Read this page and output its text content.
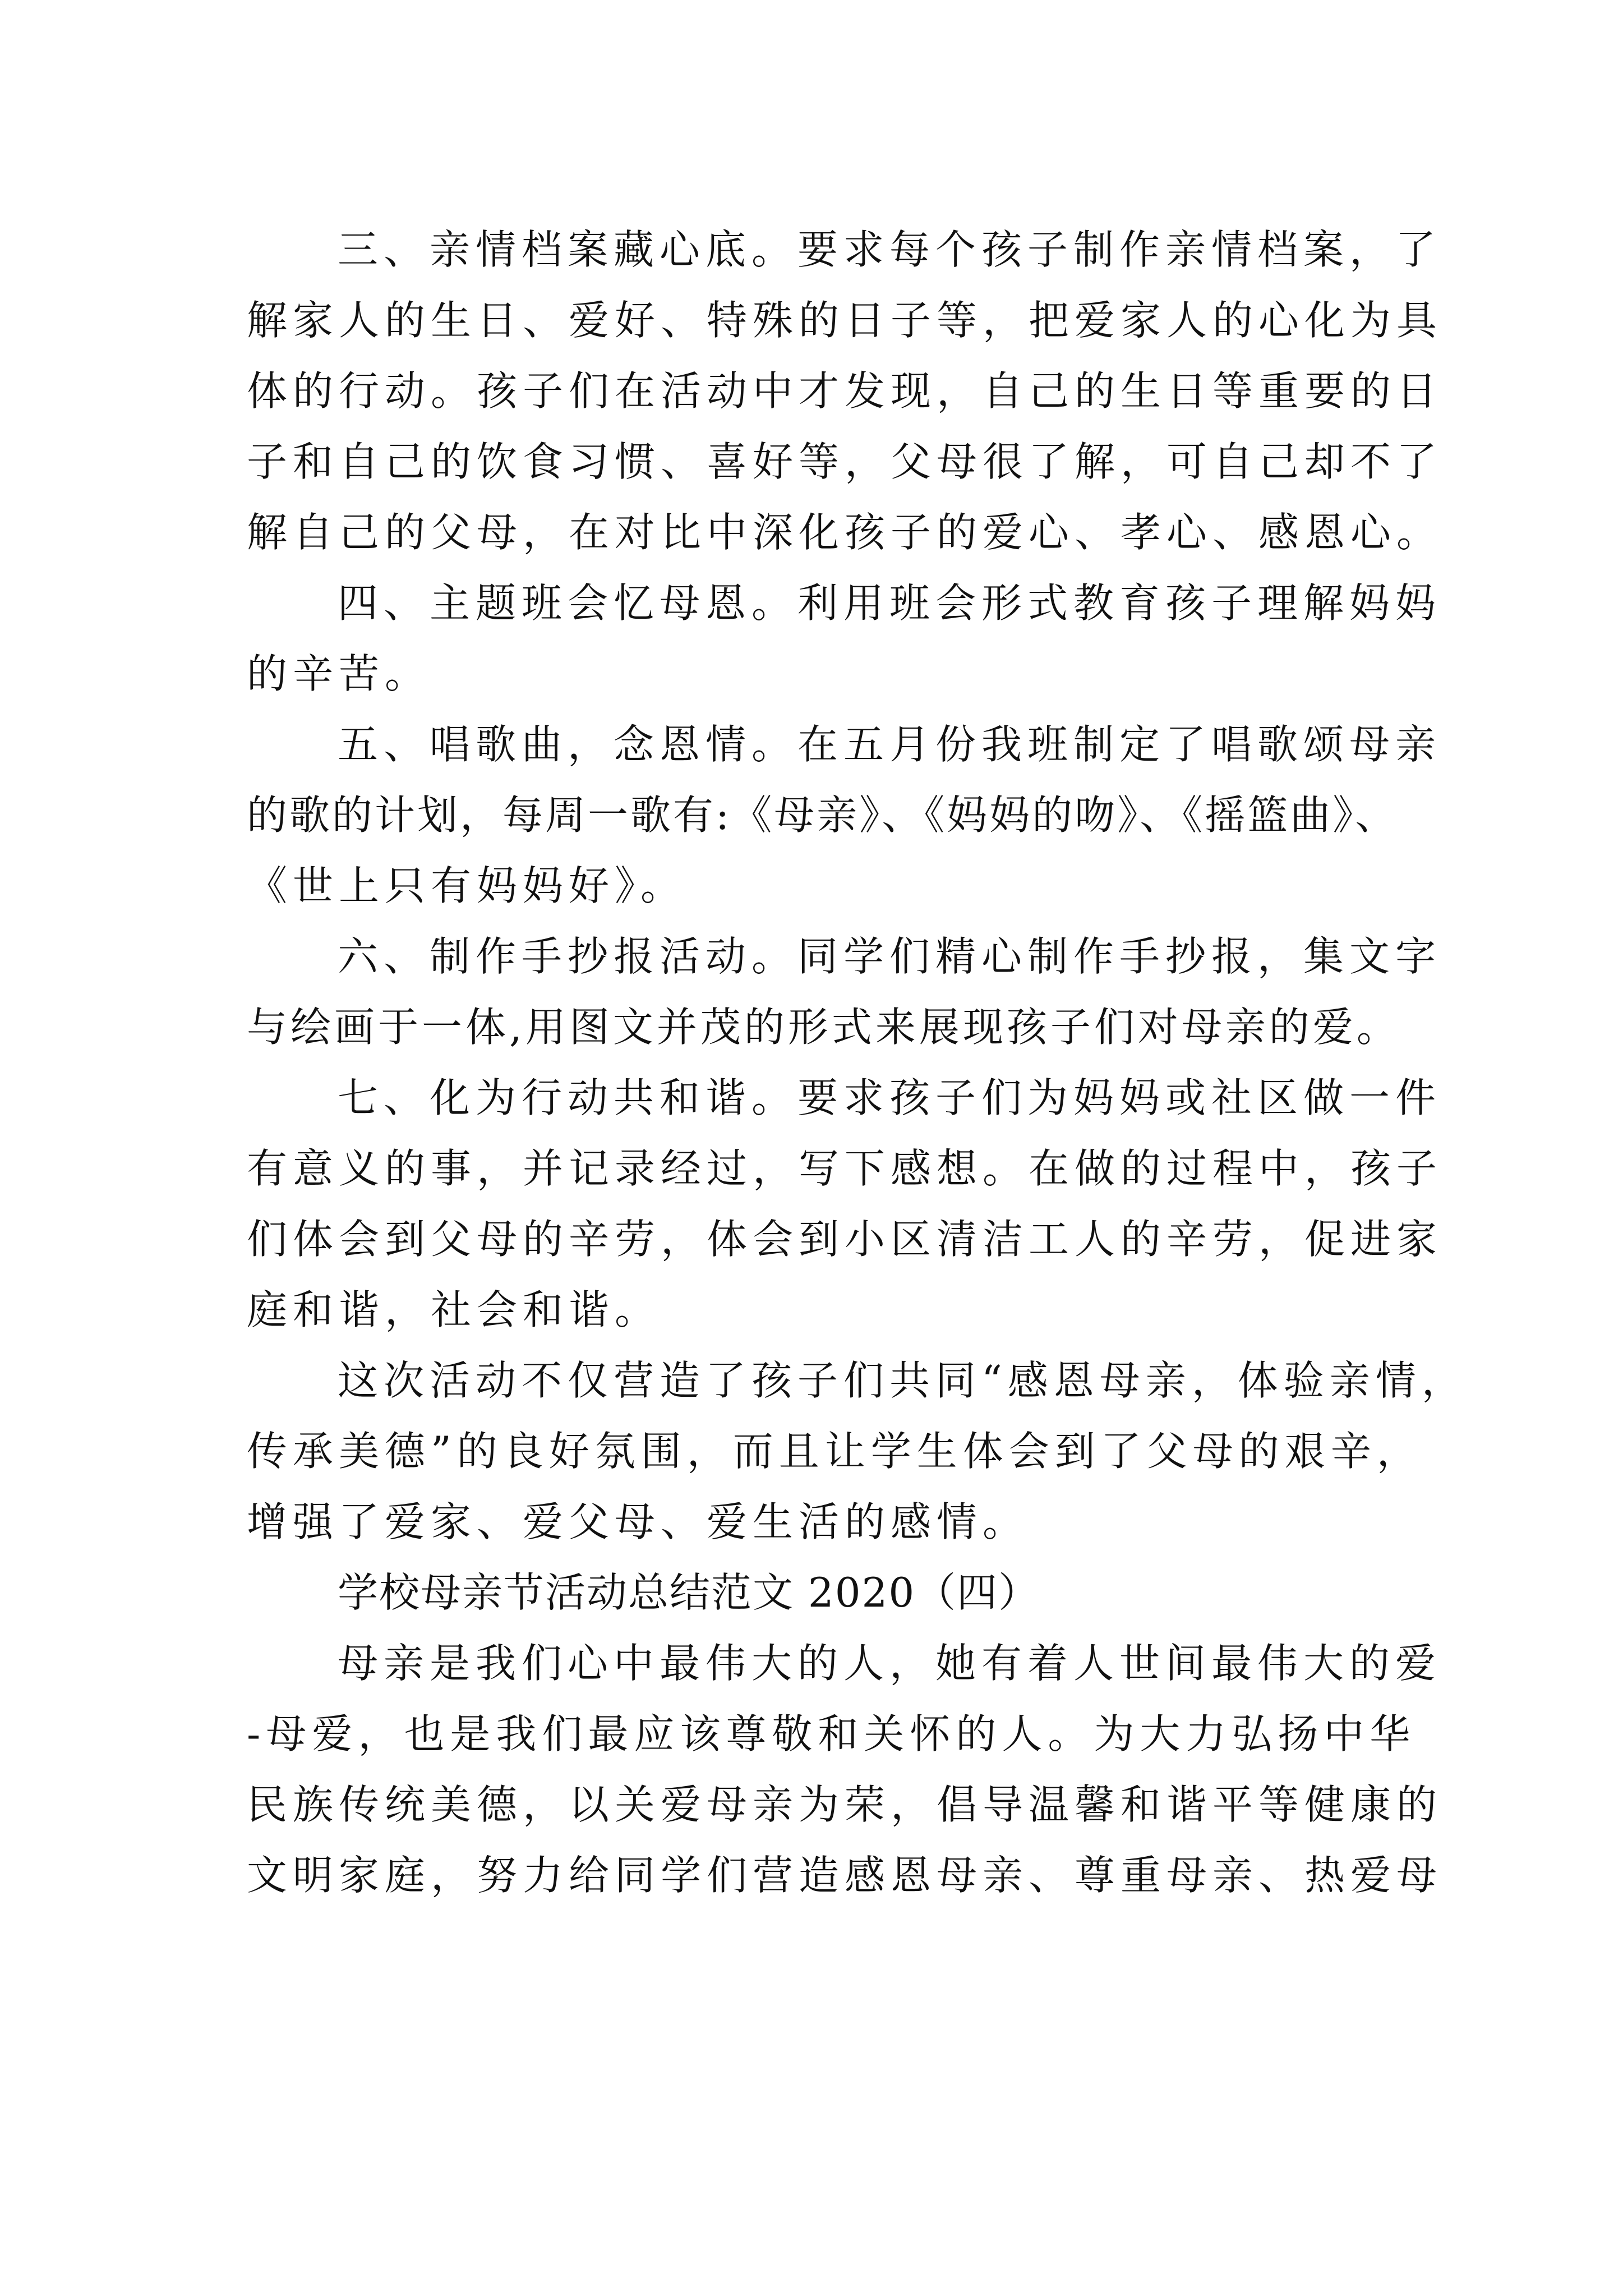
三、亲情档案藏心底。要求每个孩子制作亲情档案，了
解家人的生日、爱好、特殊的日子等，把爱家人的心化为具
体的行动。孩子们在活动中才发现，自己的生日等重要的日
子和自己的饮食习惯、喜好等，父母很了解，可自己却不了
解自己的父母，在对比中深化孩子的爱心、孝心、感恩心。
四、主题班会忆母恩。利用班会形式教育孩子理解妈妈
的辛苦。
五、唱歌曲，念恩情。在五月份我班制定了唱歌颂母亲
的歌的计划，每周一歌有:《母亲》、《妈妈的吻》、《摇篮曲》、
《世上只有妈妈好》。
六、制作手抄报活动。同学们精心制作手抄报，集文字
与绘画于一体,用图文并茂的形式来展现孩子们对母亲的爱。
七、化为行动共和谐。要求孩子们为妈妈或社区做一件
有意义的事，并记录经过，写下感想。在做的过程中，孩子
们体会到父母的辛劳，体会到小区清洁工人的辛劳，促进家
庭和谐，社会和谐。
这次活动不仅营造了孩子们共同“感恩母亲，体验亲情，
传承美德”的良好氛围，而且让学生体会到了父母的艰辛，
增强了爱家、爱父母、爱生活的感情。
学校母亲节活动总结范文 2020（四）
母亲是我们心中最伟大的人，她有着人世间最伟大的爱
-母爱，也是我们最应该尊敬和关怀的人。为大力弘扬中华
民族传统美德，以关爱母亲为荣，倡导温馨和谐平等健康的
文明家庭，努力给同学们营造感恩母亲、尊重母亲、热爱母
